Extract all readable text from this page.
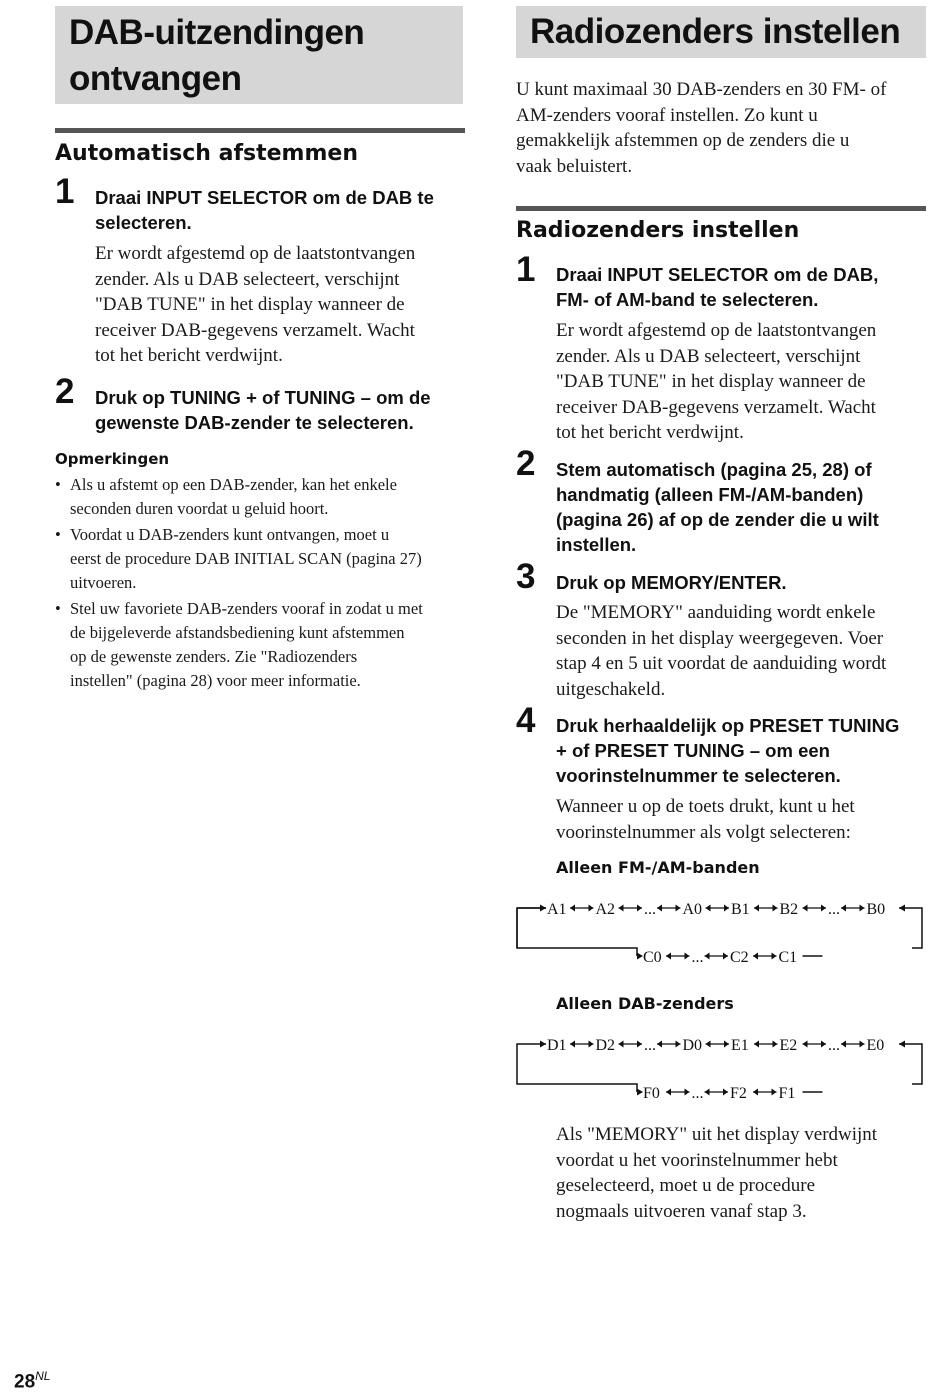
DAB-uitzendingen
ontvangen
Automatisch afstemmen
1 Draai INPUT SELECTOR om de DAB te
selecteren.
Er wordt afgestemd op de laatstontvangen
zender. Als u DAB selecteert, verschijnt
"DAB TUNE" in het display wanneer de
receiver DAB-gegevens verzamelt. Wacht
tot het bericht verdwijnt.
2 Druk op TUNING + of TUNING – om de
gewenste DAB-zender te selecteren.
Opmerkingen
• Als u afstemt op een DAB-zender, kan het enkele
seconden duren voordat u geluid hoort.
• Voordat u DAB-zenders kunt ontvangen, moet u
eerst de procedure DAB INITIAL SCAN (pagina 27)
uitvoeren.
• Stel uw favoriete DAB-zenders vooraf in zodat u met
de bijgeleverde afstandsbediening kunt afstemmen
op de gewenste zenders. Zie "Radiozenders
instellen" (pagina 28) voor meer informatie.
Radiozenders instellen
U kunt maximaal 30 DAB-zenders en 30 FM- of
AM-zenders vooraf instellen. Zo kunt u
gemakkelijk afstemmen op de zenders die u
vaak beluistert.
Radiozenders instellen
1 Draai INPUT SELECTOR om de DAB,
FM- of AM-band te selecteren.
Er wordt afgestemd op de laatstontvangen
zender. Als u DAB selecteert, verschijnt
"DAB TUNE" in het display wanneer de
receiver DAB-gegevens verzamelt. Wacht
tot het bericht verdwijnt.
2 Stem automatisch (pagina 25, 28) of
handmatig (alleen FM-/AM-banden)
(pagina 26) af op de zender die u wilt
instellen.
3 Druk op MEMORY/ENTER.
De "MEMORY" aanduiding wordt enkele
seconden in het display weergegeven. Voer
stap 4 en 5 uit voordat de aanduiding wordt
uitgeschakeld.
4 Druk herhaaldelijk op PRESET TUNING
+ of PRESET TUNING – om een
voorinstelnummer te selecteren.
Wanneer u op de toets drukt, kunt u het
voorinstelnummer als volgt selecteren:
Alleen FM-/AM-banden
A1 A2 ... A0 B1 B2 ... B0
C0 ... C2 C1
Alleen DAB-zenders
D1 D2 ... D0 E1 E2 ... E0
F0 ... F2 F1
Als "MEMORY" uit het display verdwijnt
voordat u het voorinstelnummer hebt
geselecteerd, moet u de procedure
nogmaals uitvoeren vanaf stap 3.
$28^{NL}$
